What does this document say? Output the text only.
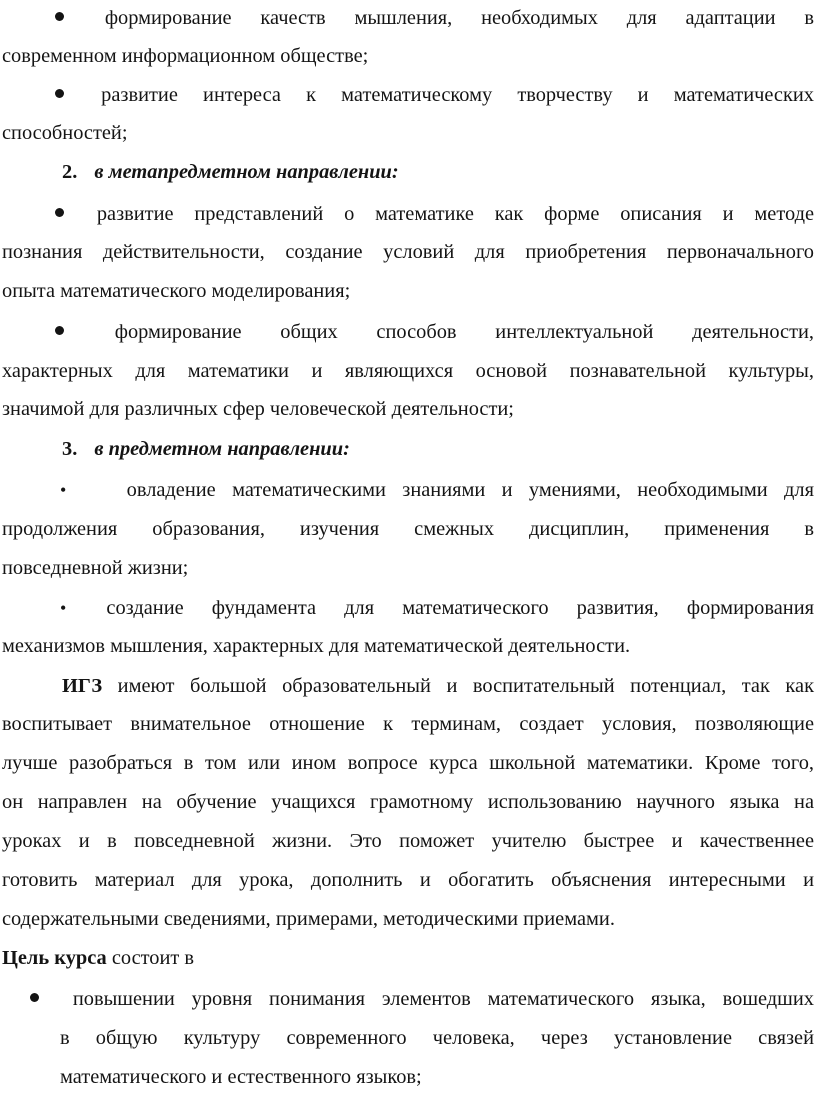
формирование качеств мышления, необходимых для адаптации в
современном информационном обществе;
развитие интереса к математическому творчеству и математических
способностей;
2. в метапредметном направлении:
развитие представлений о математике как форме описания и методе
познания действительности, создание условий для приобретения первоначального
опыта математического моделирования;
формирование общих способов интеллектуальной деятельности,
характерных для математики и являющихся основой познавательной культуры,
значимой для различных сфер человеческой деятельности;
3. в предметном направлении:
•	овладение математическими знаниями и умениями, необходимыми для
продолжения образования, изучения смежных дисциплин, применения в
повседневной жизни;
• создание фундамента для математического развития, формирования
механизмов мышления, характерных для математической деятельности.
ИГЗ имеют большой образовательный и воспитательный потенциал, так как
воспитывает внимательное отношение к терминам, создает условия, позволяющие
лучше разобраться в том или ином вопросе курса школьной математики. Кроме того,
он направлен на обучение учащихся грамотному использованию научного языка на
уроках и в повседневной жизни. Это поможет учителю быстрее и качественнее
готовить материал для урока, дополнить и обогатить объяснения интересными и
содержательными сведениями, примерами, методическими приемами.
Цель курса состоит в
повышении уровня понимания элементов математического языка, вошедших
в общую культуру современного человека, через установление связей
математического и естественного языков;
